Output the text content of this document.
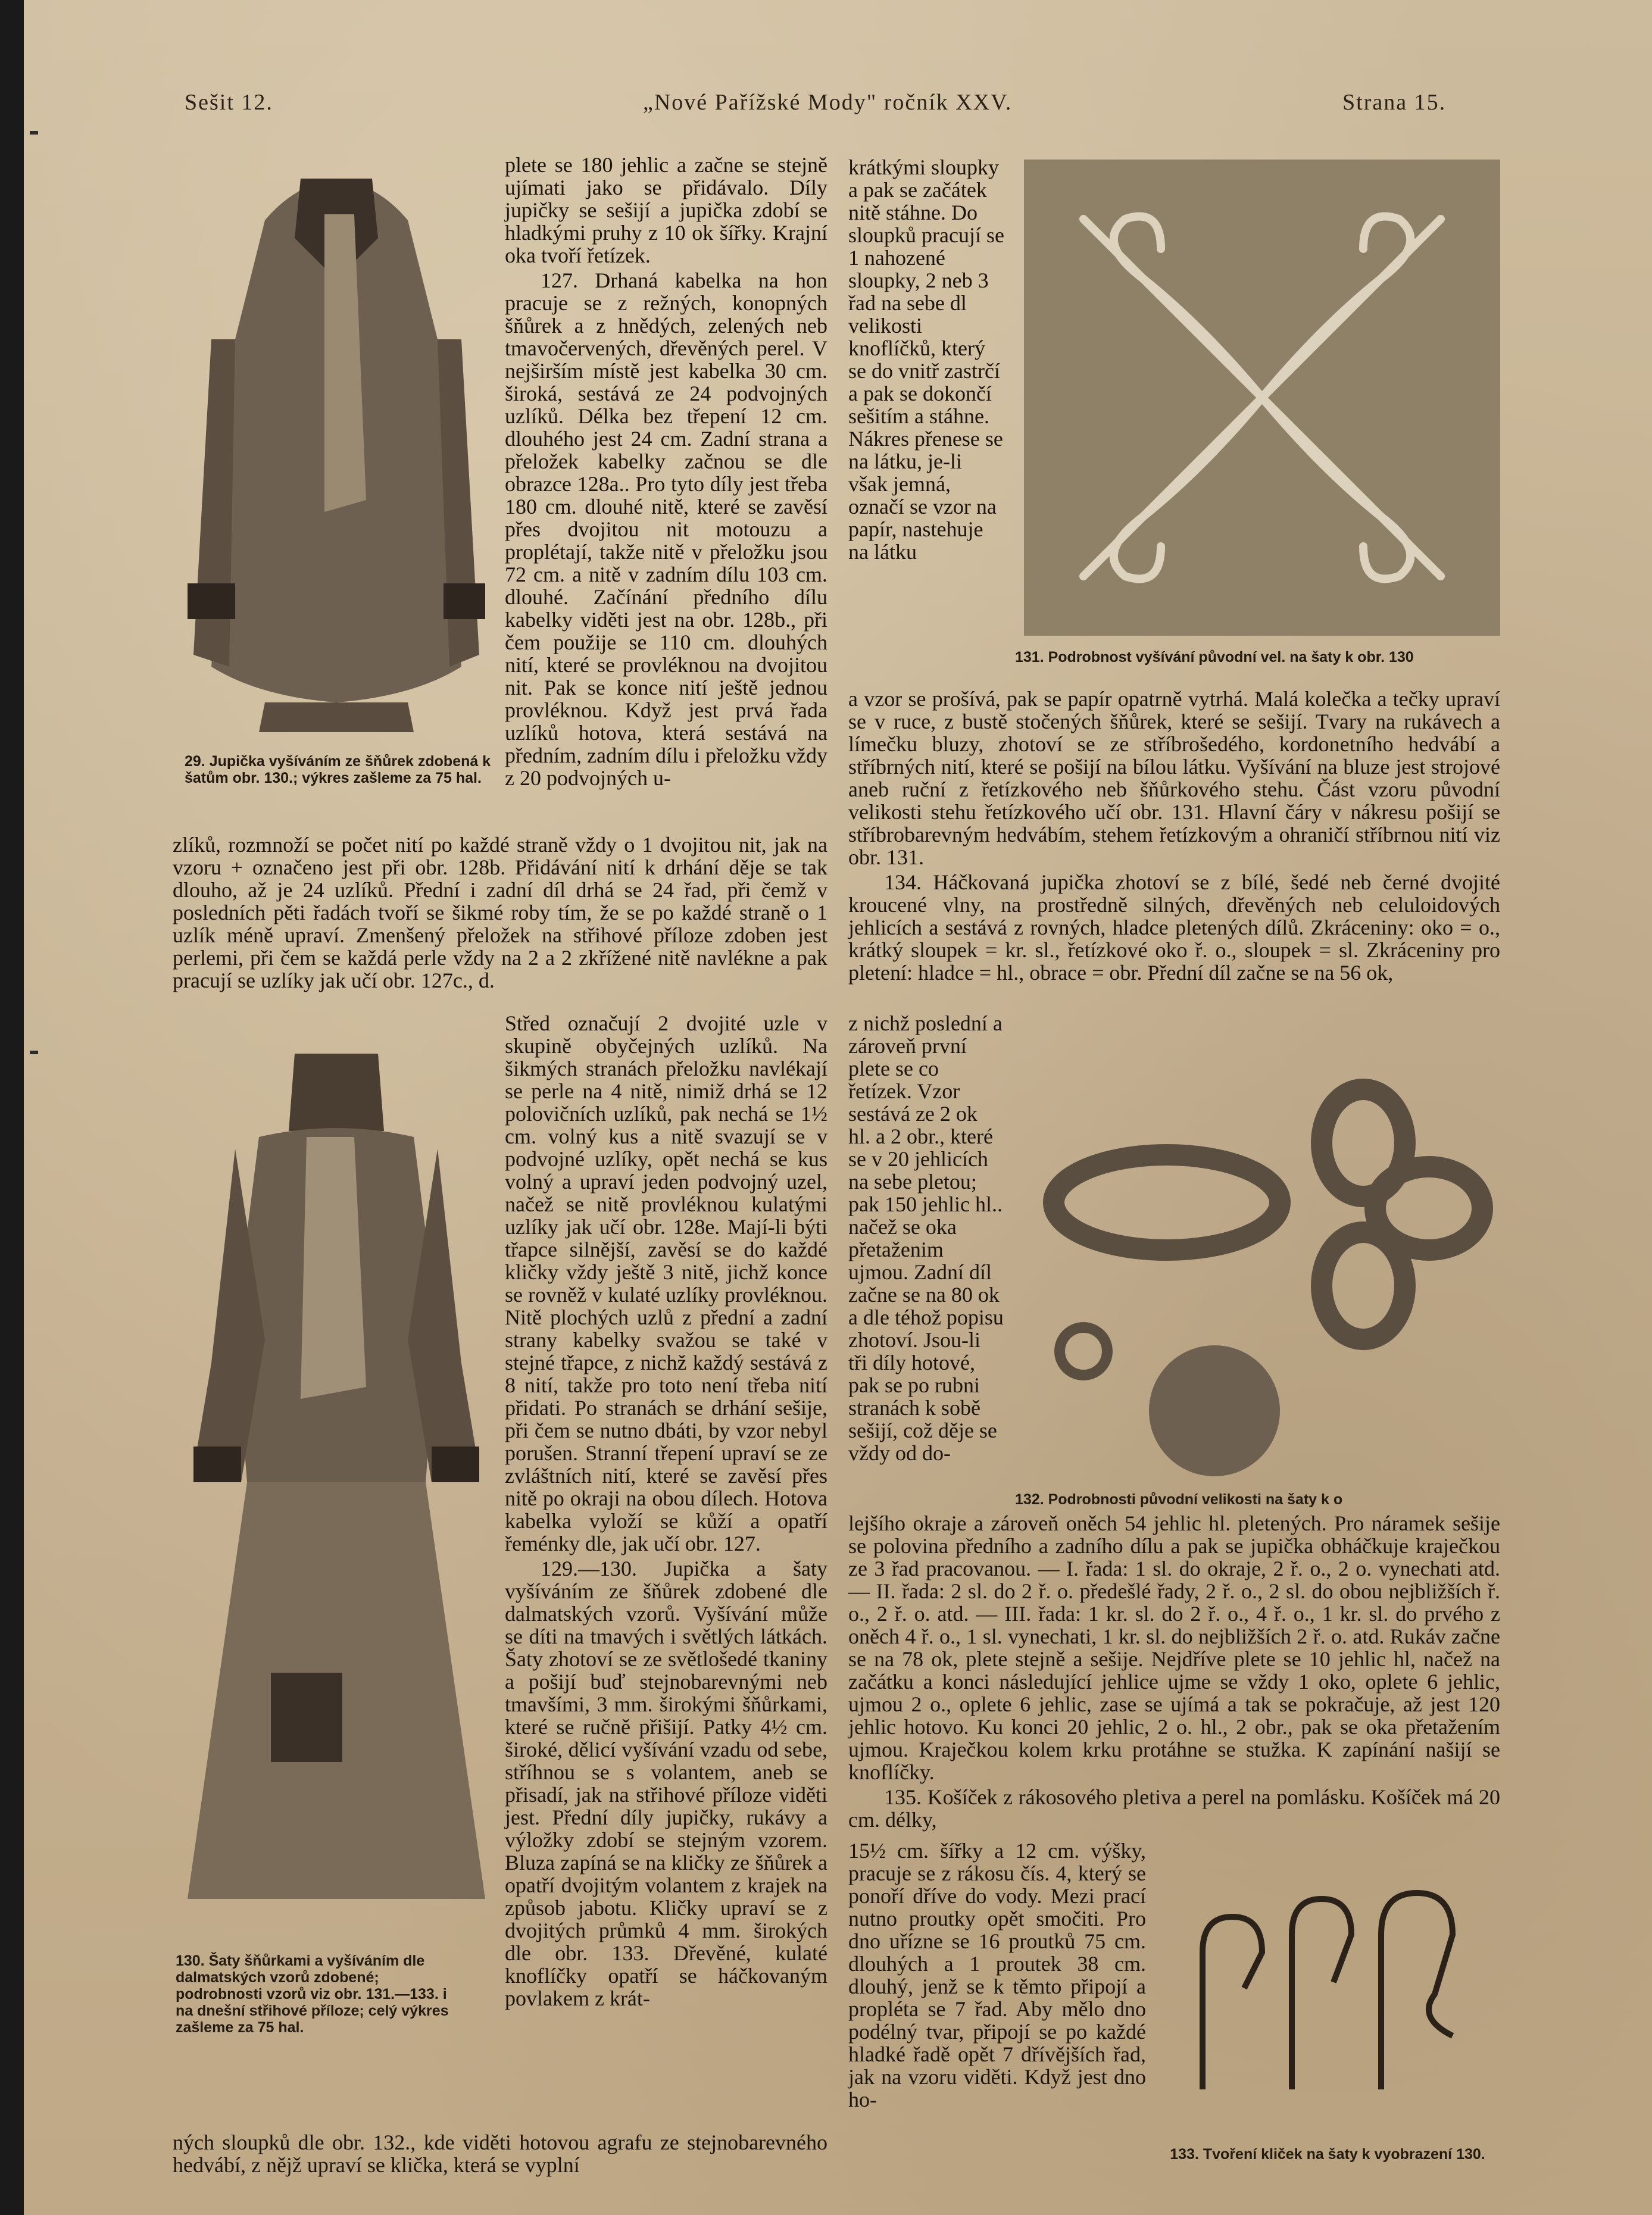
Sešit 12.	„Nové Pařížské Mody" ročník XXV.	Strana 15.
29. Jupička vyšíváním ze šňůrek zdobená k šatům obr. 130.; výkres zašleme za 75 hal.
130. Šaty šňůrkami a vyšíváním dle dalmatských vzorů zdobené; podrobnosti vzorů viz obr. 131.—133. i na dnešní střihové příloze; celý výkres zašleme za 75 hal.

plete se 180 jehlic a začne se stejně ujímati jako se přidávalo. Díly jupičky se sešijí a jupička zdobí se hladkými pruhy z 10 ok šířky. Krajní oka tvoří řetízek.

127. Drhaná kabelka na hon pracuje se z režných, konopných šňůrek a z hnědých, zelených neb tmavočervených, dřevěných perel. V nejširším místě jest kabelka 30 cm. široká, sestává ze 24 podvojných uzlíků. Délka bez třepení 12 cm. dlouhého jest 24 cm. Zadní strana a přeložek kabelky začnou se dle obrazce 128a.. Pro tyto díly jest třeba 180 cm. dlouhé nitě, které se zavěsí přes dvojitou nit motouzu a proplétají, takže nitě v přeložku jsou 72 cm. a nitě v zadním dílu 103 cm. dlouhé. Začínání předního dílu kabelky viděti jest na obr. 128b., při čem použije se 110 cm. dlouhých nití, které se provléknou na dvojitou nit. Pak se konce nití ještě jednou provléknou. Když jest prvá řada uzlíků hotova, která sestává na předním, zadním dílu i přeložku vždy z 20 podvojných u-

zlíků, rozmnoží se počet nití po každé straně vždy o 1 dvojitou nit, jak na vzoru + označeno jest při obr. 128b. Přidávání nití k drhání děje se tak dlouho, až je 24 uzlíků. Přední i zadní díl drhá se 24 řad, při čemž v posledních pěti řadách tvoří se šikmé roby tím, že se po každé straně o 1 uzlík méně upraví. Zmenšený přeložek na střihové příloze zdoben jest perlemi, při čem se každá perle vždy na 2 a 2 zkřížené nitě navlékne a pak pracují se uzlíky jak učí obr. 127c., d.

Střed označují 2 dvojité uzle v skupině obyčejných uzlíků. Na šikmých stranách přeložku navlékají se perle na 4 nitě, nimiž drhá se 12 polovičních uzlíků, pak nechá se 1½ cm. volný kus a nitě svazují se v podvojné uzlíky, opět nechá se kus volný a upraví jeden podvojný uzel, načež se nitě provléknou kulatými uzlíky jak učí obr. 128e. Mají-li býti třapce silnější, zavěsí se do každé kličky vždy ještě 3 nitě, jichž konce se rovněž v kulaté uzlíky provléknou. Nitě plochých uzlů z přední a zadní strany kabelky svažou se také v stejné třapce, z nichž každý sestává z 8 nití, takže pro toto není třeba nití přidati. Po stranách se drhání sešije, při čem se nutno dbáti, by vzor nebyl porušen. Stranní třepení upraví se ze zvláštních nití, které se zavěsí přes nitě po okraji na obou dílech. Hotova kabelka vyloží se kůží a opatří řeménky dle, jak učí obr. 127.

129.—130. Jupička a šaty vyšíváním ze šňůrek zdobené dle dalmatských vzorů. Vyšívání může se díti na tmavých i světlých látkách. Šaty zhotoví se ze světlošedé tkaniny a pošijí buď stejnobarevnými neb tmavšími, 3 mm. širokými šňůrkami, které se ručně přišijí. Patky 4½ cm. široké, dělicí vyšívání vzadu od sebe, stříhnou se s volantem, aneb se přisadí, jak na střihové příloze viděti jest. Přední díly jupičky, rukávy a výložky zdobí se stejným vzorem. Bluza zapíná se na kličky ze šňůrek a opatří dvojitým volantem z krajek na způsob jabotu. Kličky upraví se z dvojitých průmků 4 mm. širokých dle obr. 133. Dřevěné, kulaté knoflíčky opatří se háčkovaným povlakem z krát-

ných sloupků dle obr. 132., kde viděti hotovou agrafu ze stejnobarevného hedvábí, z nějž upraví se klička, která se vyplní
krátkými sloupky a pak se začátek nitě stáhne. Do sloupků pracují se 1 nahozené sloupky, 2 neb 3 řad na sebe dl velikosti knoflíčků, který se do vnitř zastrčí a pak se dokončí sešitím a stáhne. Nákres přenese se na látku, je-li však jemná, označí se vzor na papír, nastehuje na látku
131. Podrobnost vyšívání původní vel. na šaty k obr. 130

a vzor se prošívá, pak se papír opatrně vytrhá. Malá kolečka a tečky upraví se v ruce, z bustě stočených šňůrek, které se sešijí. Tvary na rukávech a límečku bluzy, zhotoví se ze stříbrošedého, kordonetního hedvábí a stříbrných nití, které se pošijí na bílou látku. Vyšívání na bluze jest strojové aneb ruční z řetízkového neb šňůrkového stehu. Část vzoru původní velikosti stehu řetízkového učí obr. 131. Hlavní čáry v nákresu pošijí se stříbrobarevným hedvábím, stehem řetízkovým a ohraničí stříbrnou nití viz obr. 131.

134. Háčkovaná jupička zhotoví se z bílé, šedé neb černé dvojité kroucené vlny, na prostředně silných, dřevěných neb celuloidových jehlicích a sestává z rovných, hladce pletených dílů. Zkráceniny: oko = o., krátký sloupek = kr. sl., řetízkové oko ř. o., sloupek = sl. Zkráceniny pro pletení: hladce = hl., obrace = obr. Přední díl začne se na 56 ok,

z nichž poslední a zároveň první plete se co řetízek. Vzor sestává ze 2 ok hl. a 2 obr., které se v 20 jehlicích na sebe pletou; pak 150 jehlic hl.. načež se oka přetaženim ujmou. Zadní díl začne se na 80 ok a dle téhož popisu zhotoví. Jsou-li tři díly hotové, pak se po rubni stranách k sobě sešijí, což děje se vždy od do-
132. Podrobnosti původní velikosti na šaty k o

lejšího okraje a zároveň oněch 54 jehlic hl. pletených. Pro náramek sešije se polovina předního a zadního dílu a pak se jupička obháčkuje kraječkou ze 3 řad pracovanou. — I. řada: 1 sl. do okraje, 2 ř. o., 2 o. vynechati atd. — II. řada: 2 sl. do 2 ř. o. předešlé řady, 2 ř. o., 2 sl. do obou nejbližších ř. o., 2 ř. o. atd. — III. řada: 1 kr. sl. do 2 ř. o., 4 ř. o., 1 kr. sl. do prvého z oněch 4 ř. o., 1 sl. vynechati, 1 kr. sl. do nejbližších 2 ř. o. atd. Rukáv začne se na 78 ok, plete stejně a sešije. Nejdříve plete se 10 jehlic hl, načež na začátku a konci následující jehlice ujme se vždy 1 oko, oplete 6 jehlic, ujmou 2 o., oplete 6 jehlic, zase se ujímá a tak se pokračuje, až jest 120 jehlic hotovo. Ku konci 20 jehlic, 2 o. hl., 2 obr., pak se oka přetažením ujmou. Kraječkou kolem krku protáhne se stužka. K zapínání našijí se knoflíčky.

135. Košíček z rákosového pletiva a perel na pomlásku. Košíček má 20 cm. délky,

15½ cm. šířky a 12 cm. výšky, pracuje se z rákosu čís. 4, který se ponoří dříve do vody. Mezi prací nutno proutky opět smočiti. Pro dno uřízne se 16 proutků 75 cm. dlouhých a 1 proutek 38 cm. dlouhý, jenž se k těmto připojí a propléta se 7 řad. Aby mělo dno podélný tvar, připojí se po každé hladké řadě opět 7 dřívějších řad, jak na vzoru viděti. Když jest dno ho-
133. Tvoření kliček na šaty k vyobrazení 130.
